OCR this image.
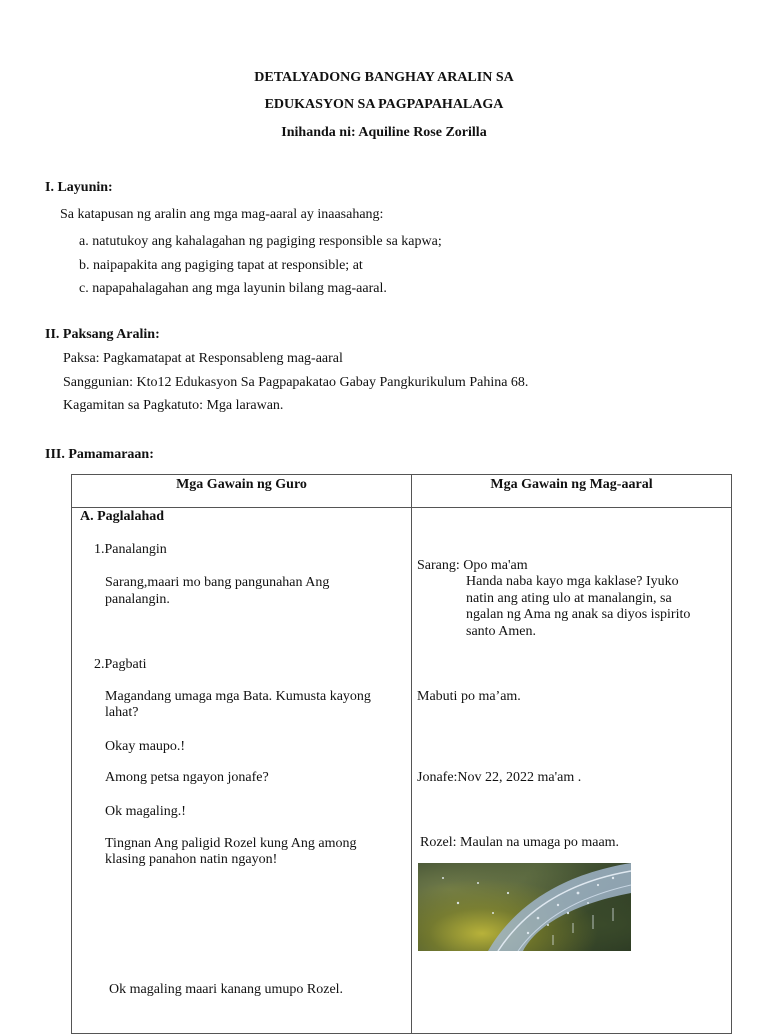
DETALYADONG BANGHAY ARALIN SA
EDUKASYON SA PAGPAPAHALAGA
Inihanda ni: Aquiline Rose Zorilla
I. Layunin:
Sa katapusan ng aralin ang mga mag-aaral ay inaasahang:
a. natutukoy ang kahalagahan ng pagiging responsible sa kapwa;
b. naipapakita ang pagiging tapat at responsible; at
c. napapahalagahan ang mga layunin bilang mag-aaral.
II. Paksang Aralin:
Paksa: Pagkamatapat at Responsableng mag-aaral
Sanggunian: Kto12 Edukasyon Sa Pagpapakatao Gabay Pangkurikulum Pahina 68.
Kagamitan sa Pagkatuto: Mga larawan.
III. Pamamaraan:
Mga Gawain ng Guro	Mga Gawain ng Mag-aaral
A. Paglalahad
1.Panalangin
Sarang,maari mo bang pangunahan Ang
panalangin.
2.Pagbati
Magandang umaga mga Bata. Kumusta kayong
lahat?
Okay maupo.!
Among petsa ngayon jonafe?
Ok magaling.!
Tingnan Ang paligid Rozel kung Ang among
klasing panahon natin ngayon!
Ok magaling maari kanang umupo Rozel.
Sarang: Opo ma'am
Handa naba kayo mga kaklase? Iyuko
natin ang ating ulo at manalangin, sa
ngalan ng Ama ng anak sa diyos ispirito
santo Amen.
Mabuti po ma’am.
Jonafe:Nov 22, 2022 ma'am .
Rozel: Maulan na umaga po maam.
